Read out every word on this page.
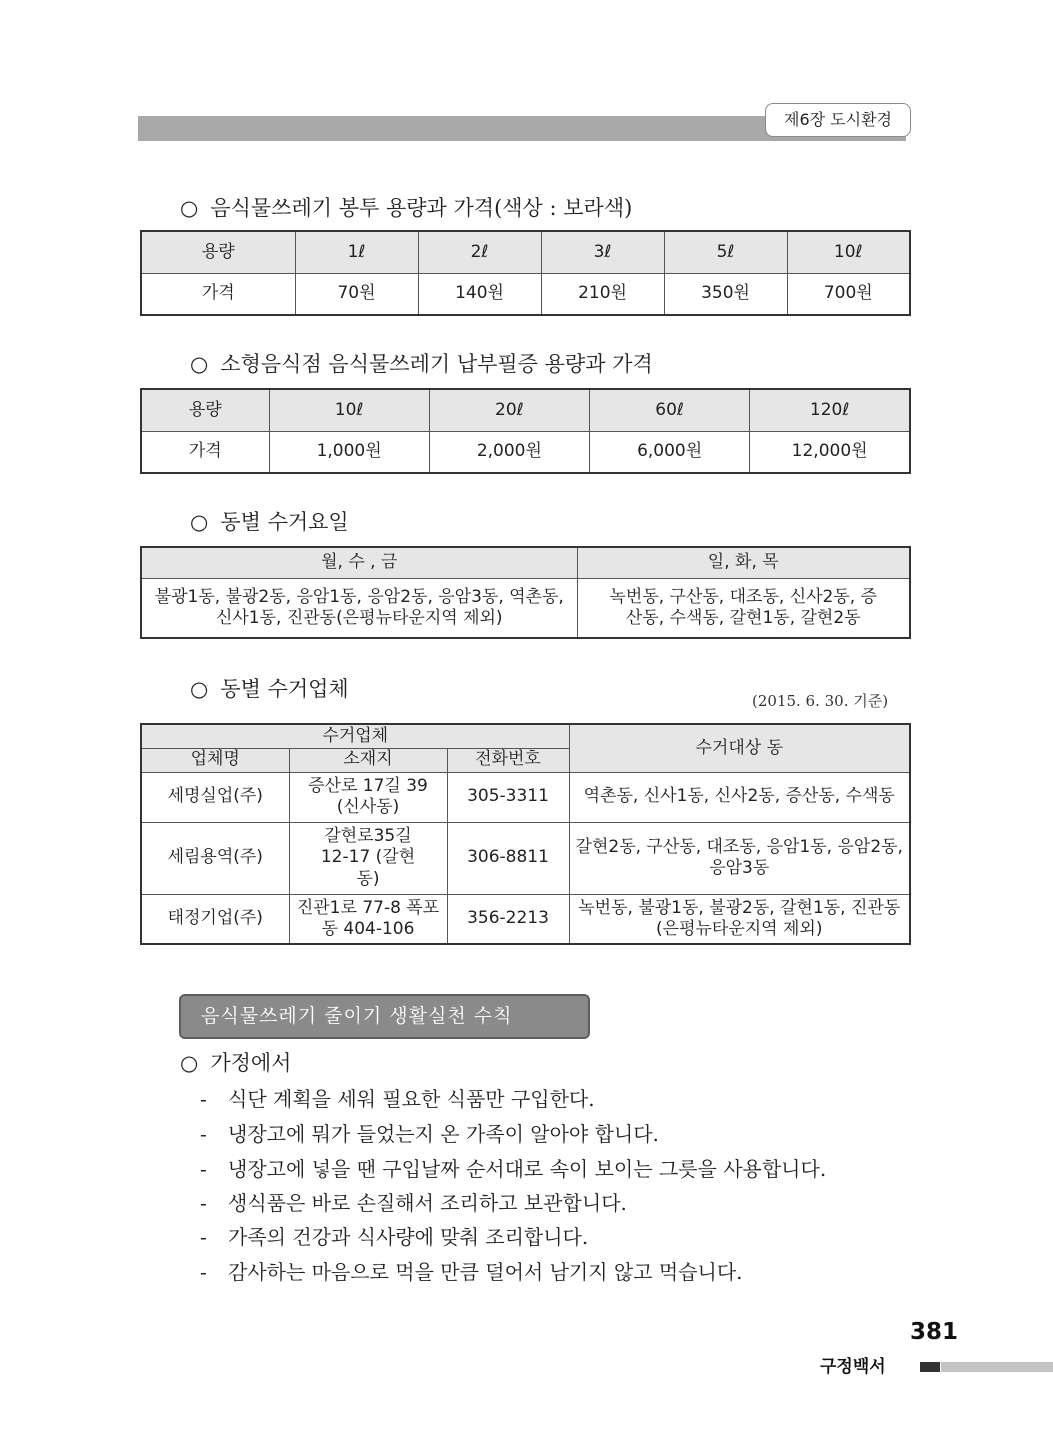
제6장 도시환경
○ 음식물쓰레기 봉투 용량과 가격(색상 : 보라색)
용량	1ℓ	2ℓ	3ℓ	5ℓ	10ℓ
가격	70원	140원	210원	350원	700원
○ 소형음식점 음식물쓰레기 납부필증 용량과 가격
용량	10ℓ	20ℓ	60ℓ	120ℓ
가격	1,000원	2,000원	6,000원	12,000원
○ 동별 수거요일
월, 수 , 금	일, 화, 목
불광1동, 불광2동, 응암1동, 응암2동, 응암3동, 역촌동, 신사1동, 진관동(은평뉴타운지역 제외)	녹번동, 구산동, 대조동, 신사2동, 증산동, 수색동, 갈현1동, 갈현2동
○ 동별 수거업체	(2015. 6. 30. 기준)
수거업체			수거대상 동
업체명	소재지	전화번호	
세명실업(주)	증산로 17길 39 (신사동)	305-3311	역촌동, 신사1동, 신사2동, 증산동, 수색동
세림용역(주)	갈현로35길 12-17 (갈현동)	306-8811	갈현2동, 구산동, 대조동, 응암1동, 응암2동, 응암3동
태정기업(주)	진관1로 77-8 폭포동 404-106	356-2213	녹번동, 불광1동, 불광2동, 갈현1동, 진관동(은평뉴타운지역 제외)
음식물쓰레기 줄이기 생활실천 수칙
○ 가정에서
- 식단 계획을 세워 필요한 식품만 구입한다.
- 냉장고에 뭐가 들었는지 온 가족이 알아야 합니다.
- 냉장고에 넣을 땐 구입날짜 순서대로 속이 보이는 그릇을 사용합니다.
- 생식품은 바로 손질해서 조리하고 보관합니다.
- 가족의 건강과 식사량에 맞춰 조리합니다.
- 감사하는 마음으로 먹을 만큼 덜어서 남기지 않고 먹습니다.
381
구정백서
